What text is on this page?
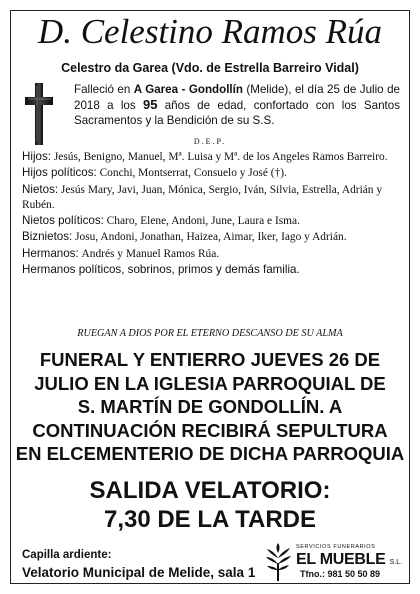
D. Celestino Ramos Rúa
Celestro da Garea (Vdo. de Estrella Barreiro Vidal)
Falleció en A Garea - Gondollín (Melide), el día 25 de Julio de 2018 a los 95 años de edad, confortado con los Santos Sacramentos y la Bendición de su S.S.
D.E.P.

Hijos: Jesús, Benigno, Manuel, Mª. Luisa y Mª. de los Angeles Ramos Barreiro.

Hijos políticos: Conchi, Montserrat, Consuelo y José (†).

Nietos: Jesús Mary, Javi, Juan, Mónica, Sergio, Iván, Silvia, Estrella, Adrián y Rubén.

Nietos políticos: Charo, Elene, Andoni, June, Laura e Isma.

Biznietos: Josu, Andoni, Jonathan, Haizea, Aimar, Iker, Iago y Adrián.

Hermanos: Andrés y Manuel Ramos Rúa.

Hermanos políticos, sobrinos, primos y demás familia.

RUEGAN A DIOS POR EL ETERNO DESCANSO DE SU ALMA
FUNERAL Y ENTIERRO JUEVES 26 DE
JULIO EN LA IGLESIA PARROQUIAL DE
S. MARTÍN DE GONDOLLÍN. A
CONTINUACIÓN RECIBIRÁ SEPULTURA
EN ELCEMENTERIO DE DICHA PARROQUIA
SALIDA VELATORIO:
7,30 DE LA TARDE
Capilla ardiente:
Velatorio Municipal de Melide, sala 1
SERVICIOS FUNERARIOS
EL MUEBLE S.L.
Tfno.: 981 50 50 89
